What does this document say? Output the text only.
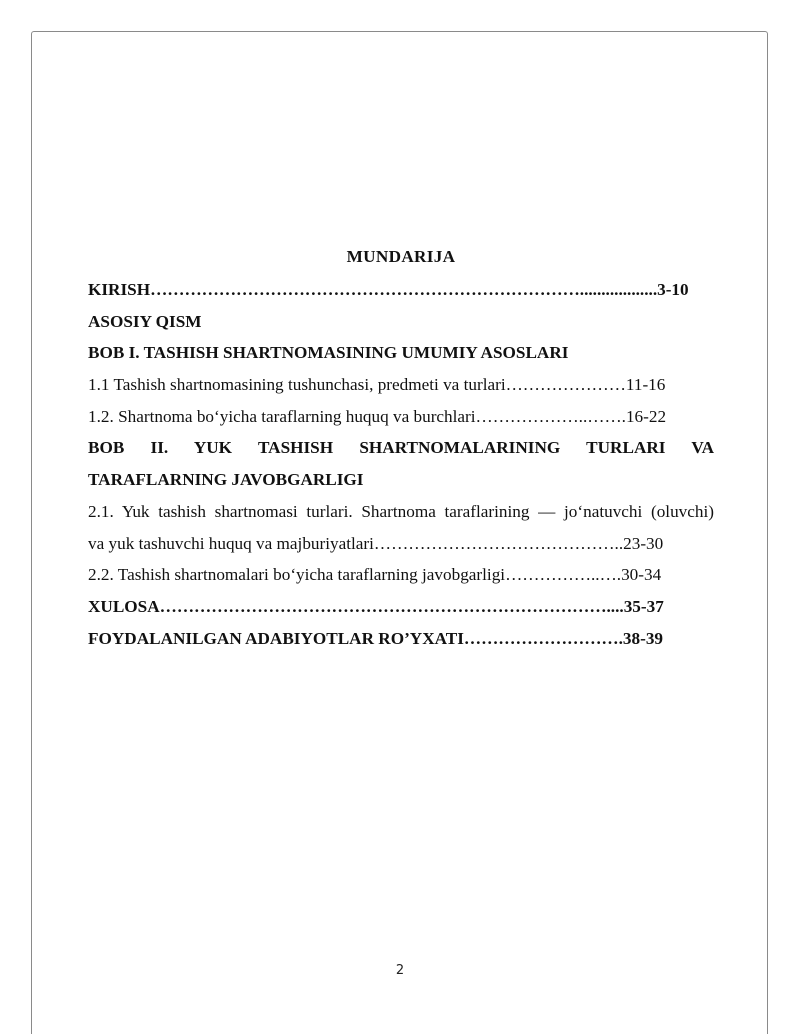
MUNDARIJA
KIRISH…………………………………………………………………..................3-10
ASOSIY QISM
BOB I. TASHISH SHARTNOMASINING UMUMIY ASOSLARI
1.1 Tashish shartnomasining tushunchasi, predmeti va turlari…………………11-16
1.2. Shartnoma bo‘yicha taraflarning huquq va burchlari………………..…….16-22
BOB II. YUK TASHISH SHARTNOMALARINING TURLARI VA
TARAFLARNING JAVOBGARLIGI
2.1. Yuk tashish shartnomasi turlari. Shartnoma taraflarining — jo‘natuvchi (oluvchi)
va yuk tashuvchi huquq va majburiyatlari……………………………………..23-30
2.2. Tashish shartnomalari bo‘yicha taraflarning javobgarligi……………..….30-34
XULOSA……………………………………………………………………....35-37
FOYDALANILGAN ADABIYOTLAR RO’YXATI……………………….38-39
2
